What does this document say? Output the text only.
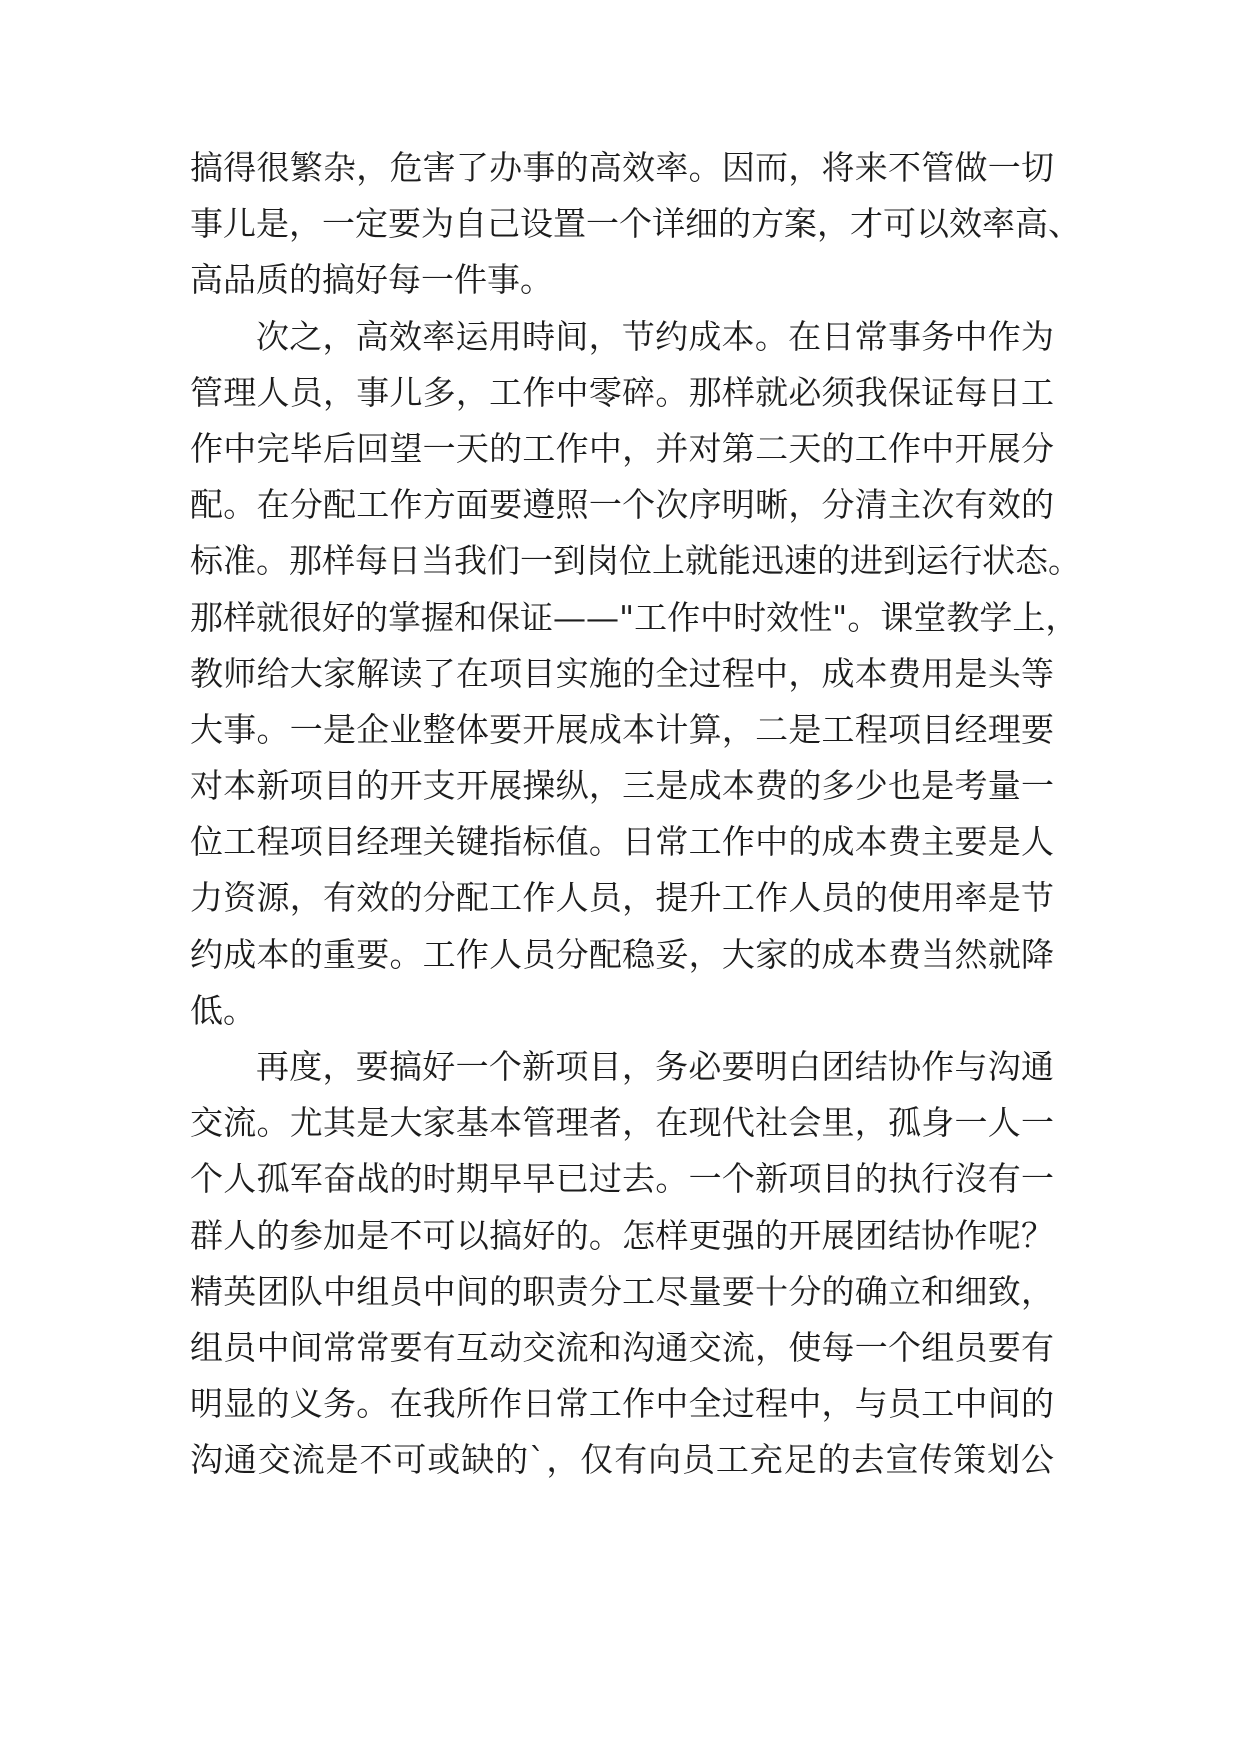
搞得很繁杂，危害了办事的高效率。因而，将来不管做一切
事儿是，一定要为自己设置一个详细的方案，才可以效率高、
高品质的搞好每一件事。
次之，高效率运用時间，节约成本。在日常事务中作为
管理人员，事儿多，工作中零碎。那样就必须我保证每日工
作中完毕后回望一天的工作中，并对第二天的工作中开展分
配。在分配工作方面要遵照一个次序明晰，分清主次有效的
标准。那样每日当我们一到岗位上就能迅速的进到运行状态。
那样就很好的掌握和保证——"工作中时效性"。课堂教学上，
教师给大家解读了在项目实施的全过程中，成本费用是头等
大事。一是企业整体要开展成本计算，二是工程项目经理要
对本新项目的开支开展操纵，三是成本费的多少也是考量一
位工程项目经理关键指标值。日常工作中的成本费主要是人
力资源，有效的分配工作人员，提升工作人员的使用率是节
约成本的重要。工作人员分配稳妥，大家的成本费当然就降
低。
再度，要搞好一个新项目，务必要明白团结协作与沟通
交流。尤其是大家基本管理者，在现代社会里，孤身一人一
个人孤军奋战的时期早早已过去。一个新项目的执行沒有一
群人的参加是不可以搞好的。怎样更强的开展团结协作呢？
精英团队中组员中间的职责分工尽量要十分的确立和细致，
组员中间常常要有互动交流和沟通交流，使每一个组员要有
明显的义务。在我所作日常工作中全过程中，与员工中间的
沟通交流是不可或缺的`，仅有向员工充足的去宣传策划公
